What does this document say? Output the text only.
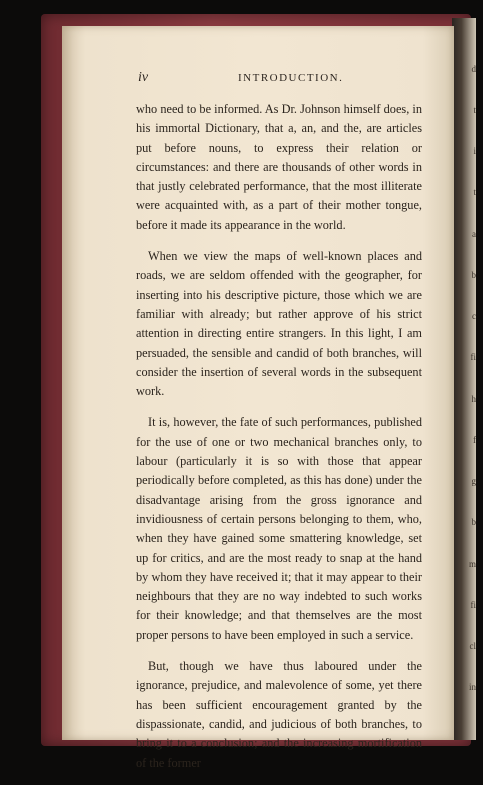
d
t
i
t
a
b
c
fi
h
f
g
b
m
fi
cl
in
iv	INTRODUCTION.

who need to be informed. As Dr. Johnson himself does, in his immortal Dictionary, that a, an, and the, are articles put before nouns, to express their relation or circumstances: and there are thousands of other words in that justly celebrated performance, that the most illiterate were acquainted with, as a part of their mother tongue, before it made its appearance in the world.

When we view the maps of well-known places and roads, we are seldom offended with the geographer, for inserting into his descriptive picture, those which we are familiar with already; but rather approve of his strict attention in directing entire strangers. In this light, I am persuaded, the sensible and candid of both branches, will consider the insertion of several words in the subsequent work.

It is, however, the fate of such performances, published for the use of one or two mechanical branches only, to labour (particularly it is so with those that appear periodically before completed, as this has done) under the disadvantage arising from the gross ignorance and invidiousness of certain persons belonging to them, who, when they have gained some smattering knowledge, set up for critics, and are the most ready to snap at the hand by whom they have received it; that it may appear to their neighbours that they are no way indebted to such works for their knowledge; and that themselves are the most proper persons to have been employed in such a service.

But, though we have thus laboured under the ignorance, prejudice, and malevolence of some, yet there has been sufficient encouragement granted by the dispassionate, candid, and judicious of both branches, to bring it to a conclusion; and the increasing mortification of the former
